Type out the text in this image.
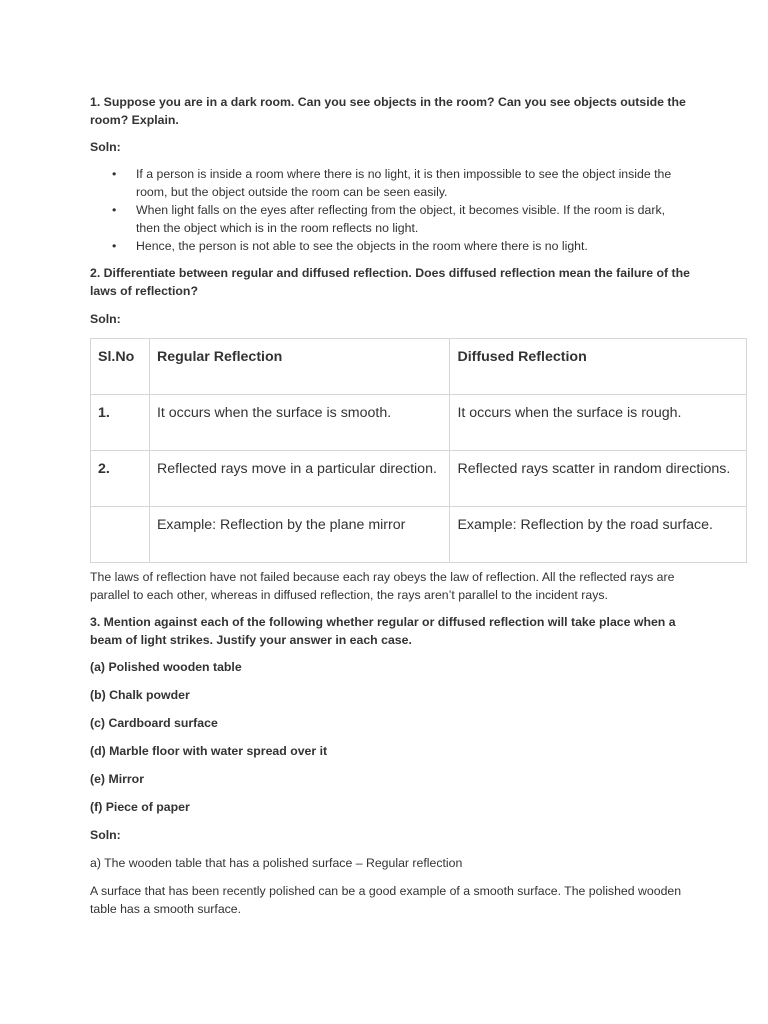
1. Suppose you are in a dark room. Can you see objects in the room? Can you see objects outside the room? Explain.

Soln:

• If a person is inside a room where there is no light, it is then impossible to see the object inside the room, but the object outside the room can be seen easily.
• When light falls on the eyes after reflecting from the object, it becomes visible. If the room is dark, then the object which is in the room reflects no light.
• Hence, the person is not able to see the objects in the room where there is no light.

2. Differentiate between regular and diffused reflection. Does diffused reflection mean the failure of the laws of reflection?

Soln:

Sl.No	Regular Reflection	Diffused Reflection
1.	It occurs when the surface is smooth.	It occurs when the surface is rough.
2.	Reflected rays move in a particular direction.	Reflected rays scatter in random directions.
	Example: Reflection by the plane mirror	Example: Reflection by the road surface.

The laws of reflection have not failed because each ray obeys the law of reflection. All the reflected rays are parallel to each other, whereas in diffused reflection, the rays aren’t parallel to the incident rays.

3. Mention against each of the following whether regular or diffused reflection will take place when a beam of light strikes. Justify your answer in each case.

(a) Polished wooden table

(b) Chalk powder

(c) Cardboard surface

(d) Marble floor with water spread over it

(e) Mirror

(f) Piece of paper

Soln:

a) The wooden table that has a polished surface – Regular reflection

A surface that has been recently polished can be a good example of a smooth surface. The polished wooden table has a smooth surface.
